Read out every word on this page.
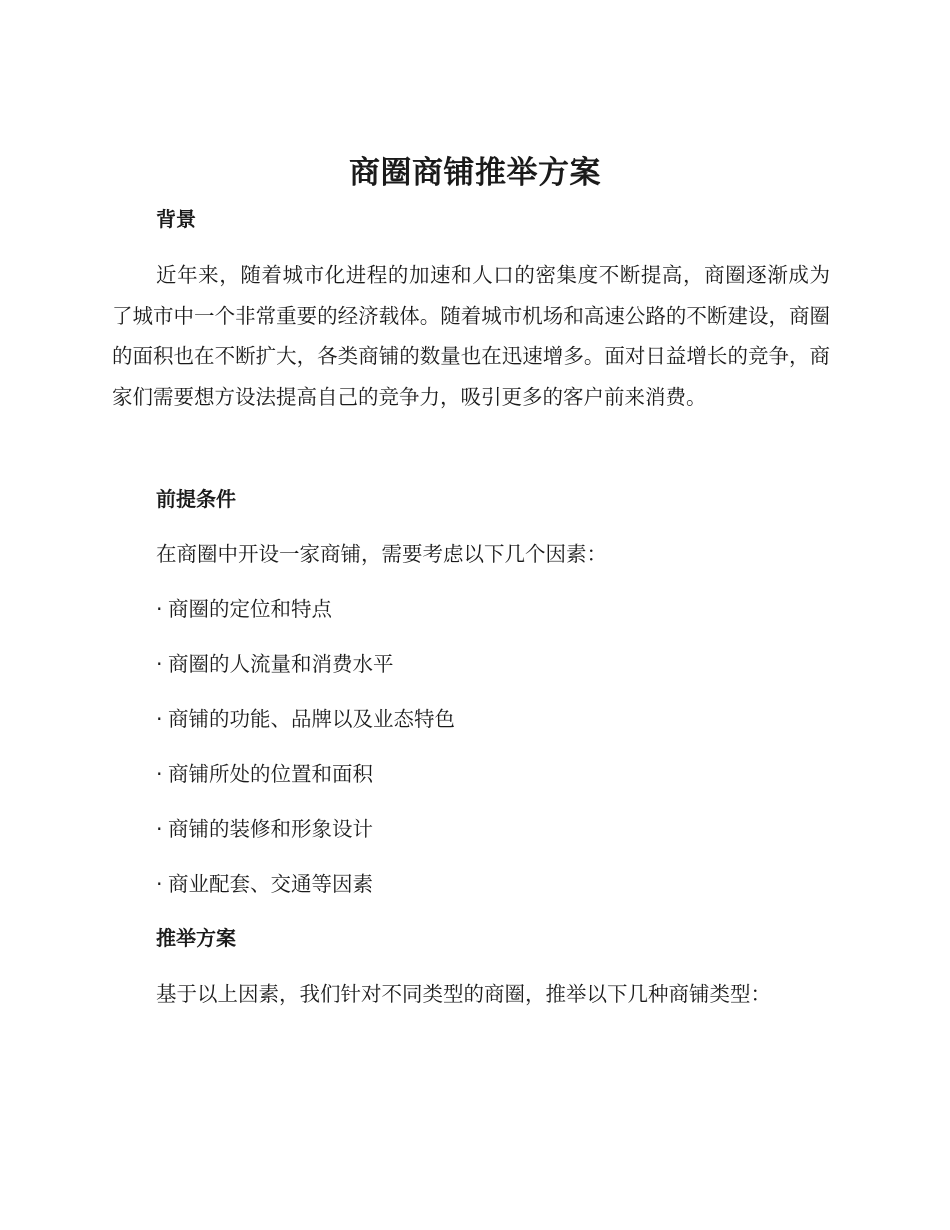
商圈商铺推举方案
背景

近年来，随着城市化进程的加速和人口的密集度不断提高，商圈逐渐成为了城市中一个非常重要的经济载体。随着城市机场和高速公路的不断建设，商圈的面积也在不断扩大，各类商铺的数量也在迅速增多。面对日益增长的竞争，商家们需要想方设法提高自己的竞争力，吸引更多的客户前来消费。

前提条件

在商圈中开设一家商铺，需要考虑以下几个因素：

· 商圈的定位和特点
· 商圈的人流量和消费水平
· 商铺的功能、品牌以及业态特色
· 商铺所处的位置和面积
· 商铺的装修和形象设计
· 商业配套、交通等因素
推举方案

基于以上因素，我们针对不同类型的商圈，推举以下几种商铺类型：
